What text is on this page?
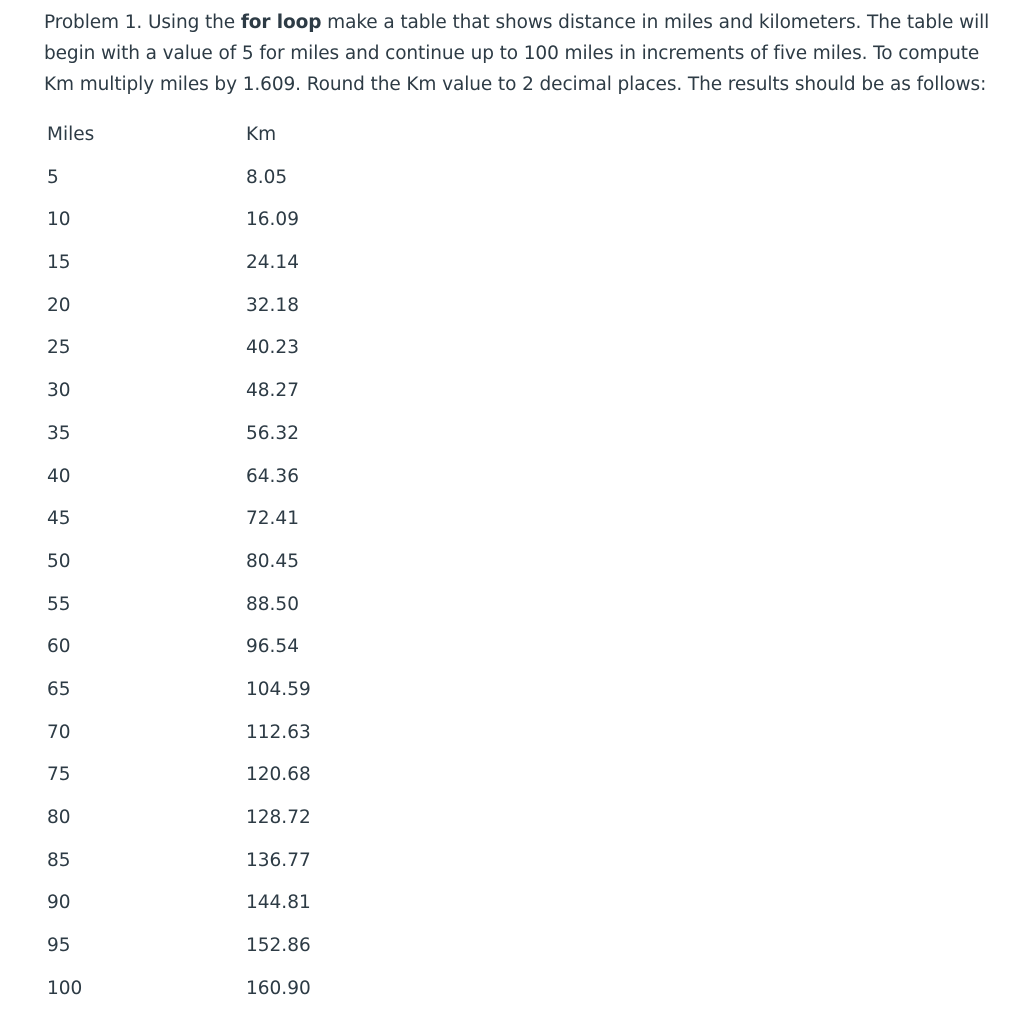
Problem 1. Using the for loop make a table that shows distance in miles and kilometers. The table will begin with a value of 5 for miles and continue up to 100 miles in increments of five miles. To compute Km multiply miles by 1.609. Round the Km value to 2 decimal places. The results should be as follows:

Miles	Km
5	8.05
10	16.09
15	24.14
20	32.18
25	40.23
30	48.27
35	56.32
40	64.36
45	72.41
50	80.45
55	88.50
60	96.54
65	104.59
70	112.63
75	120.68
80	128.72
85	136.77
90	144.81
95	152.86
100	160.90
